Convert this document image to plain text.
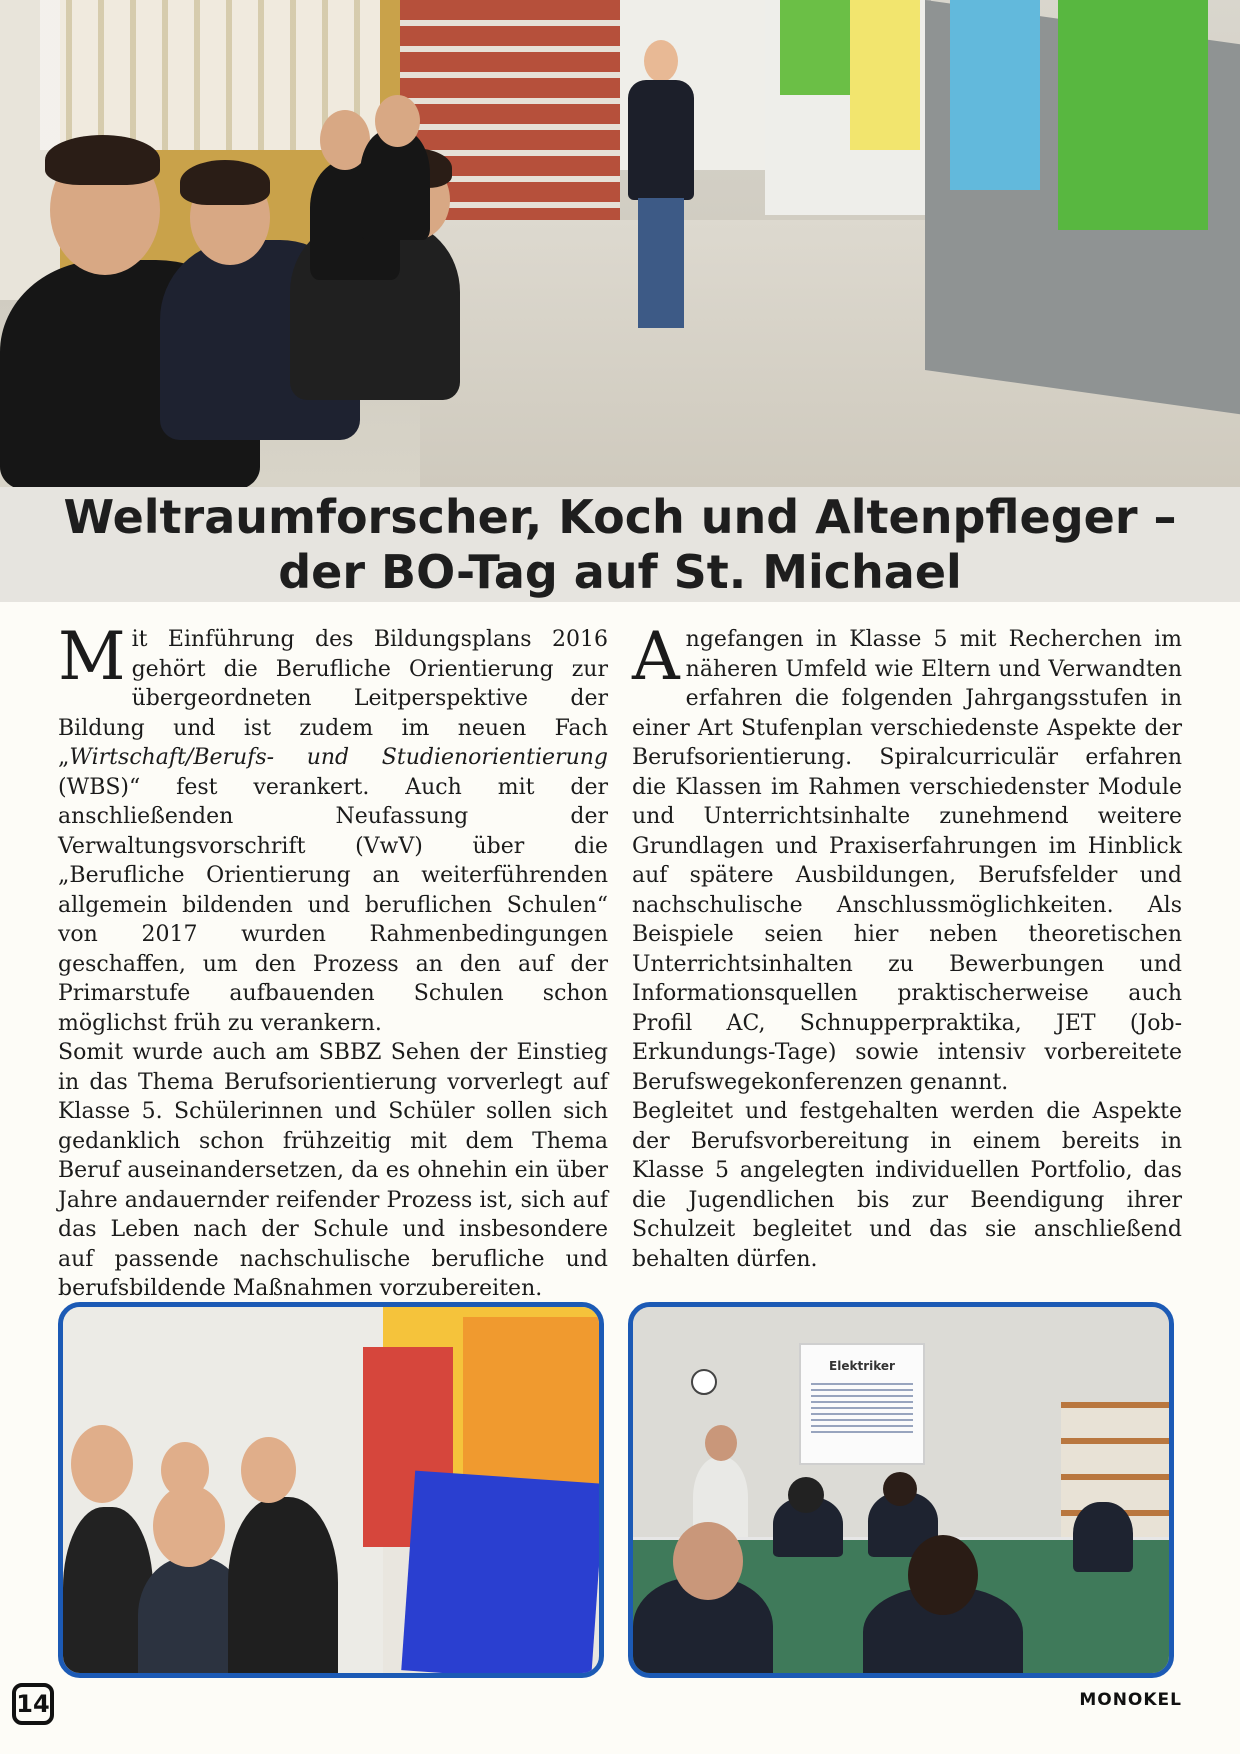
Weltraumforscher, Koch und Altenpfleger –
der BO-Tag auf St. Michael

Mit Einführung des Bildungsplans 2016 gehört die Berufliche Orientierung zur übergeordneten Leitperspektive der Bildung und ist zudem im neuen Fach „Wirtschaft/Berufs- und Studienorientierung (WBS)“ fest verankert. Auch mit der anschließenden Neufassung der Verwaltungsvorschrift (VwV) über die „Berufliche Orientierung an weiterführenden allgemein bildenden und beruflichen Schulen“ von 2017 wurden Rahmenbedingungen geschaffen, um den Prozess an den auf der Primarstufe aufbauenden Schulen schon möglichst früh zu verankern.

Somit wurde auch am SBBZ Sehen der Einstieg in das Thema Berufsorientierung vorverlegt auf Klasse 5. Schülerinnen und Schüler sollen sich gedanklich schon frühzeitig mit dem Thema Beruf auseinandersetzen, da es ohnehin ein über Jahre andauernder reifender Prozess ist, sich auf das Leben nach der Schule und insbesondere auf passende nachschulische berufliche und berufsbildende Maßnahmen vorzubereiten.

Angefangen in Klasse 5 mit Recherchen im näheren Umfeld wie Eltern und Verwandten erfahren die folgenden Jahrgangsstufen in einer Art Stufenplan verschiedenste Aspekte der Berufsorientierung. Spiralcurriculär erfahren die Klassen im Rahmen verschiedenster Module und Unterrichtsinhalte zunehmend weitere Grundlagen und Praxiserfahrungen im Hinblick auf spätere Ausbildungen, Berufsfelder und nachschulische Anschlussmöglichkeiten. Als Beispiele seien hier neben theoretischen Unterrichtsinhalten zu Bewerbungen und Informationsquellen praktischerweise auch Profil AC, Schnupperpraktika, JET (Job-Erkundungs-Tage) sowie intensiv vorbereitete Berufswegekonferenzen genannt.

Begleitet und festgehalten werden die Aspekte der Berufsvorbereitung in einem bereits in Klasse 5 angelegten individuellen Portfolio, das die Jugendlichen bis zur Beendigung ihrer Schulzeit begleitet und das sie anschließend behalten dürfen.

Elektriker
14	MONOKEL
